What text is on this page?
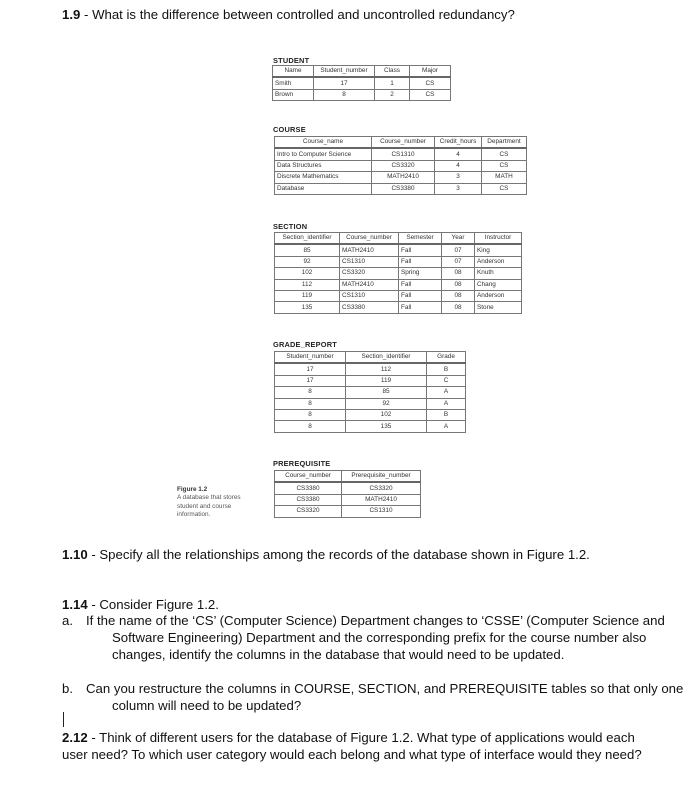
1.9 - What is the difference between controlled and uncontrolled redundancy?
STUDENT
Name	Student_number	Class	Major
Smith	17	1	CS
Brown	8	2	CS
COURSE
Course_name	Course_number	Credit_hours	Department
Intro to Computer Science	CS1310	4	CS
Data Structures	CS3320	4	CS
Discrete Mathematics	MATH2410	3	MATH
Database	CS3380	3	CS
SECTION
Section_identifier	Course_number	Semester	Year	Instructor
85	MATH2410	Fall	07	King
92	CS1310	Fall	07	Anderson
102	CS3320	Spring	08	Knuth
112	MATH2410	Fall	08	Chang
119	CS1310	Fall	08	Anderson
135	CS3380	Fall	08	Stone
GRADE_REPORT
Student_number	Section_identifier	Grade
17	112	B
17	119	C
8	85	A
8	92	A
8	102	B
8	135	A
PREREQUISITE
Course_number	Prerequisite_number
CS3380	CS3320
CS3380	MATH2410
CS3320	CS1310
Figure 1.2
A database that stores student and course information.
1.10 - Specify all the relationships among the records of the database shown in Figure 1.2.
1.14 - Consider Figure 1.2.
a. If the name of the ‘CS’ (Computer Science) Department changes to ‘CSSE’ (Computer Science and Software Engineering) Department and the corresponding prefix for the course number also changes, identify the columns in the database that would need to be updated.
b. Can you restructure the columns in COURSE, SECTION, and PREREQUISITE tables so that only one column will need to be updated?
2.12 - Think of different users for the database of Figure 1.2. What type of applications would each user need? To which user category would each belong and what type of interface would they need?
